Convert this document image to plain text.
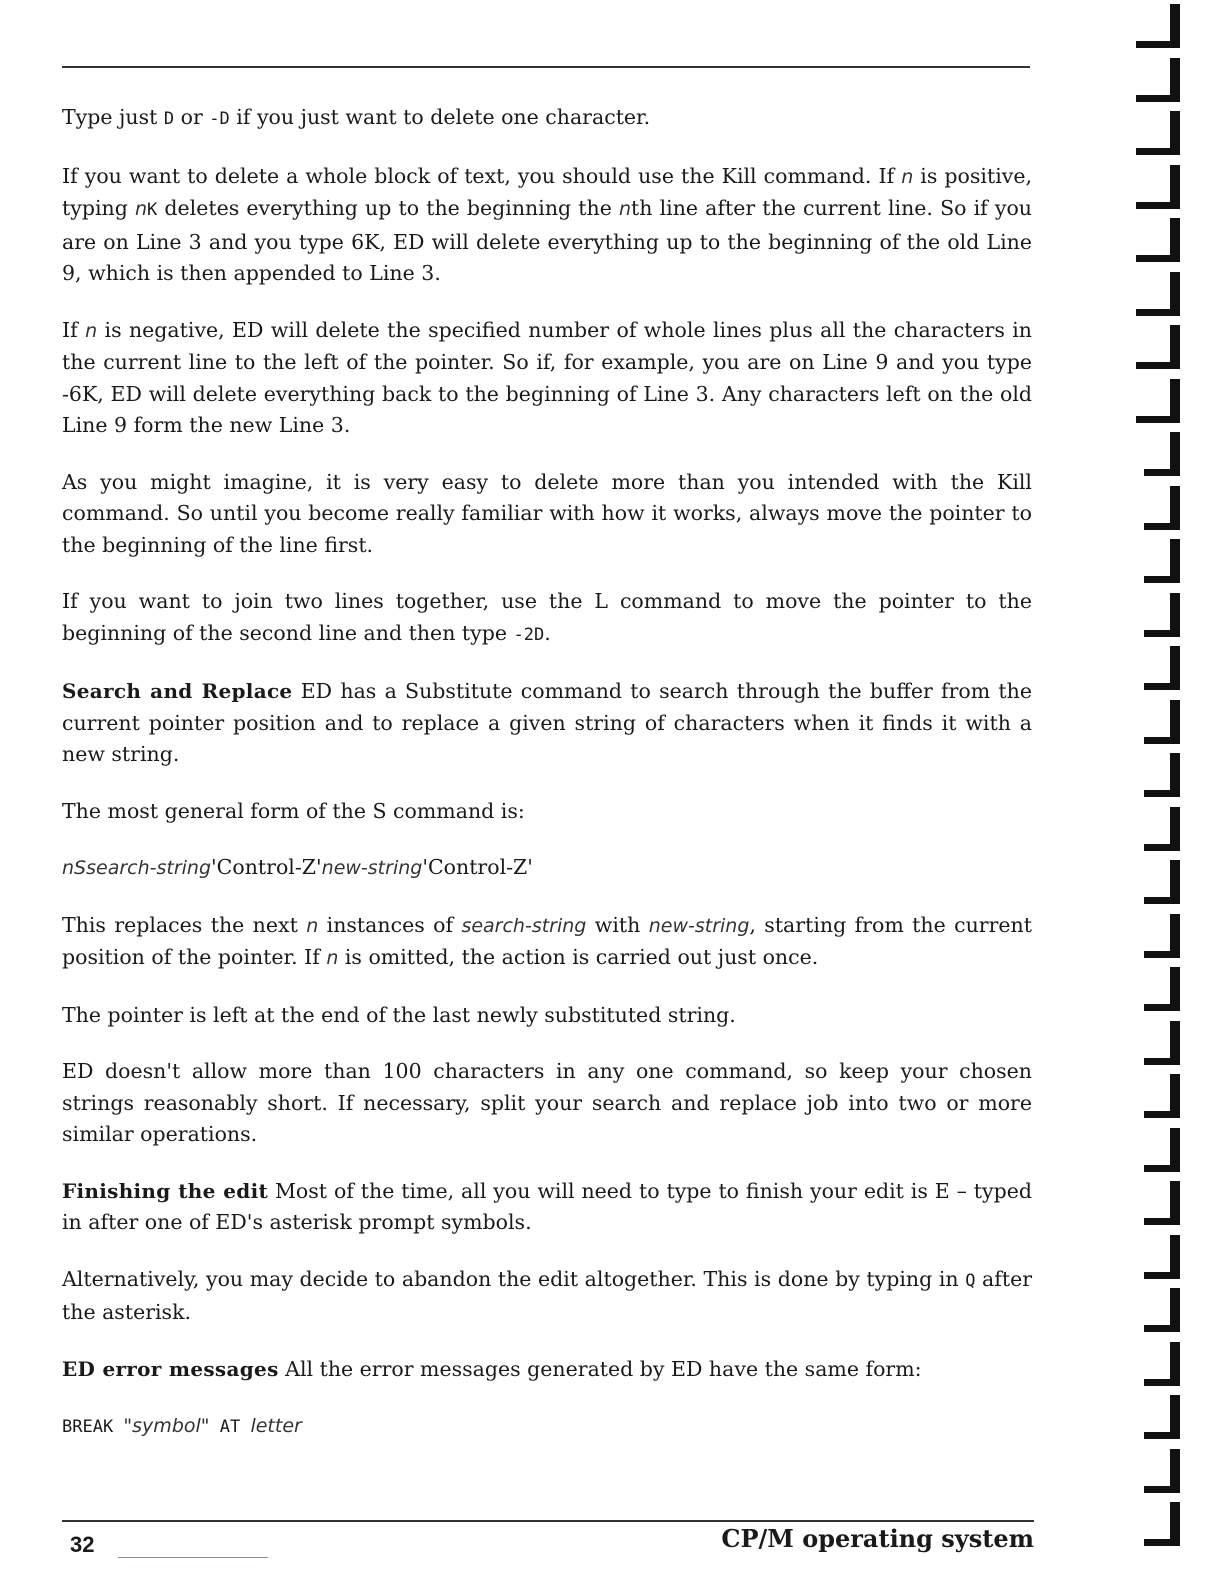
Type just D or -D if you just want to delete one character.

If you want to delete a whole block of text, you should use the Kill command. If n is positive, typing nK deletes everything up to the beginning the nth line after the current line. So if you are on Line 3 and you type 6K, ED will delete everything up to the beginning of the old Line 9, which is then appended to Line 3.

If n is negative, ED will delete the specified number of whole lines plus all the characters in the current line to the left of the pointer. So if, for example, you are on Line 9 and you type -6K, ED will delete everything back to the beginning of Line 3. Any characters left on the old Line 9 form the new Line 3.

As you might imagine, it is very easy to delete more than you intended with the Kill command. So until you become really familiar with how it works, always move the pointer to the beginning of the line first.

If you want to join two lines together, use the L command to move the pointer to the beginning of the second line and then type -2D.

Search and Replace ED has a Substitute command to search through the buffer from the current pointer position and to replace a given string of characters when it finds it with a new string.

The most general form of the S command is:

nSsearch-string'Control-Z'new-string'Control-Z'

This replaces the next n instances of search-string with new-string, starting from the current position of the pointer. If n is omitted, the action is carried out just once.

The pointer is left at the end of the last newly substituted string.

ED doesn't allow more than 100 characters in any one command, so keep your chosen strings reasonably short. If necessary, split your search and replace job into two or more similar operations.

Finishing the edit Most of the time, all you will need to type to finish your edit is E – typed in after one of ED's asterisk prompt symbols.

Alternatively, you may decide to abandon the edit altogether. This is done by typing in Q after the asterisk.

ED error messages All the error messages generated by ED have the same form:

BREAK "symbol" AT letter

32	CP/M operating system
